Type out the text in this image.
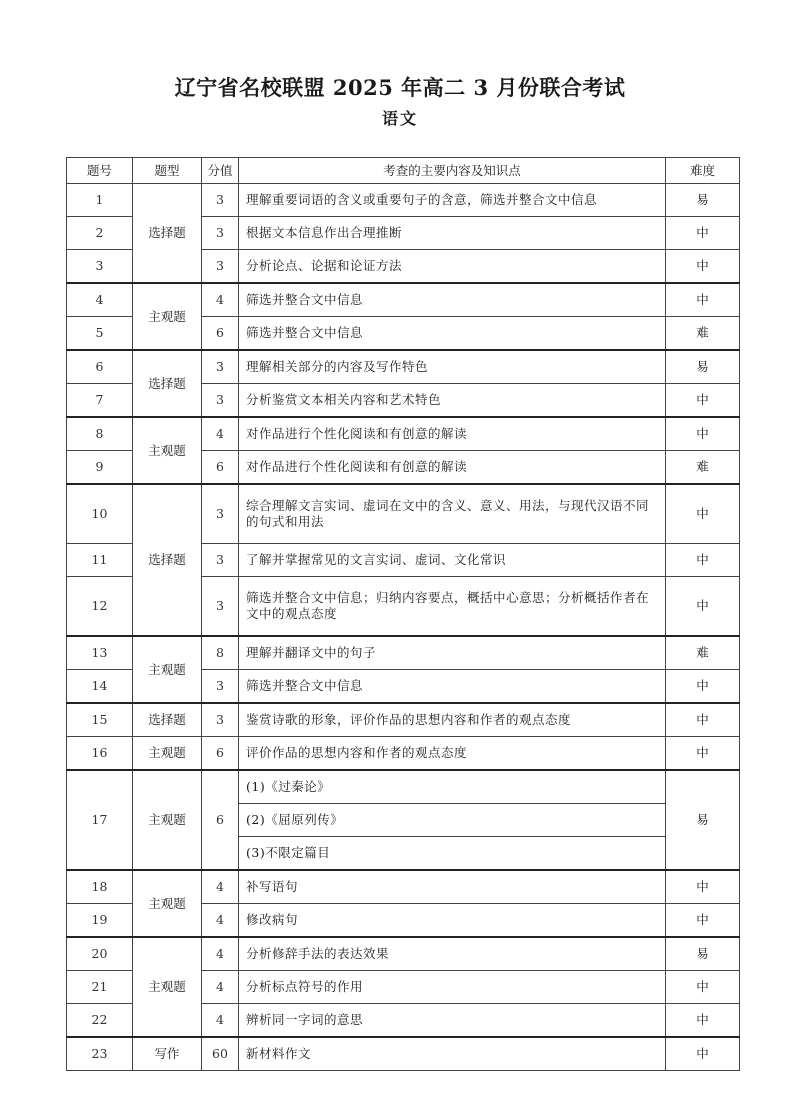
辽宁省名校联盟 2025 年高二 3 月份联合考试
语文
题号	题型	分值	考查的主要内容及知识点	难度
1	选择题	3	理解重要词语的含义或重要句子的含意，筛选并整合文中信息	易
2		3	根据文本信息作出合理推断	中
3		3	分析论点、论据和论证方法	中
4	主观题	4	筛选并整合文中信息	中
5		6	筛选并整合文中信息	难
6	选择题	3	理解相关部分的内容及写作特色	易
7		3	分析鉴赏文本相关内容和艺术特色	中
8	主观题	4	对作品进行个性化阅读和有创意的解读	中
9		6	对作品进行个性化阅读和有创意的解读	难
10	选择题	3	综合理解文言实词、虚词在文中的含义、意义、用法，与现代汉语不同的句式和用法	中
11		3	了解并掌握常见的文言实词、虚词、文化常识	中
12		3	筛选并整合文中信息；归纳内容要点，概括中心意思；分析概括作者在文中的观点态度	中
13	主观题	8	理解并翻译文中的句子	难
14		3	筛选并整合文中信息	中
15	选择题	3	鉴赏诗歌的形象，评价作品的思想内容和作者的观点态度	中
16	主观题	6	评价作品的思想内容和作者的观点态度	中
17	主观题	6	(1)《过秦论》	易
			(2)《屈原列传》	
			(3)不限定篇目	
18	主观题	4	补写语句	中
19		4	修改病句	中
20	主观题	4	分析修辞手法的表达效果	易
21		4	分析标点符号的作用	中
22		4	辨析同一字词的意思	中
23	写作	60	新材料作文	中
